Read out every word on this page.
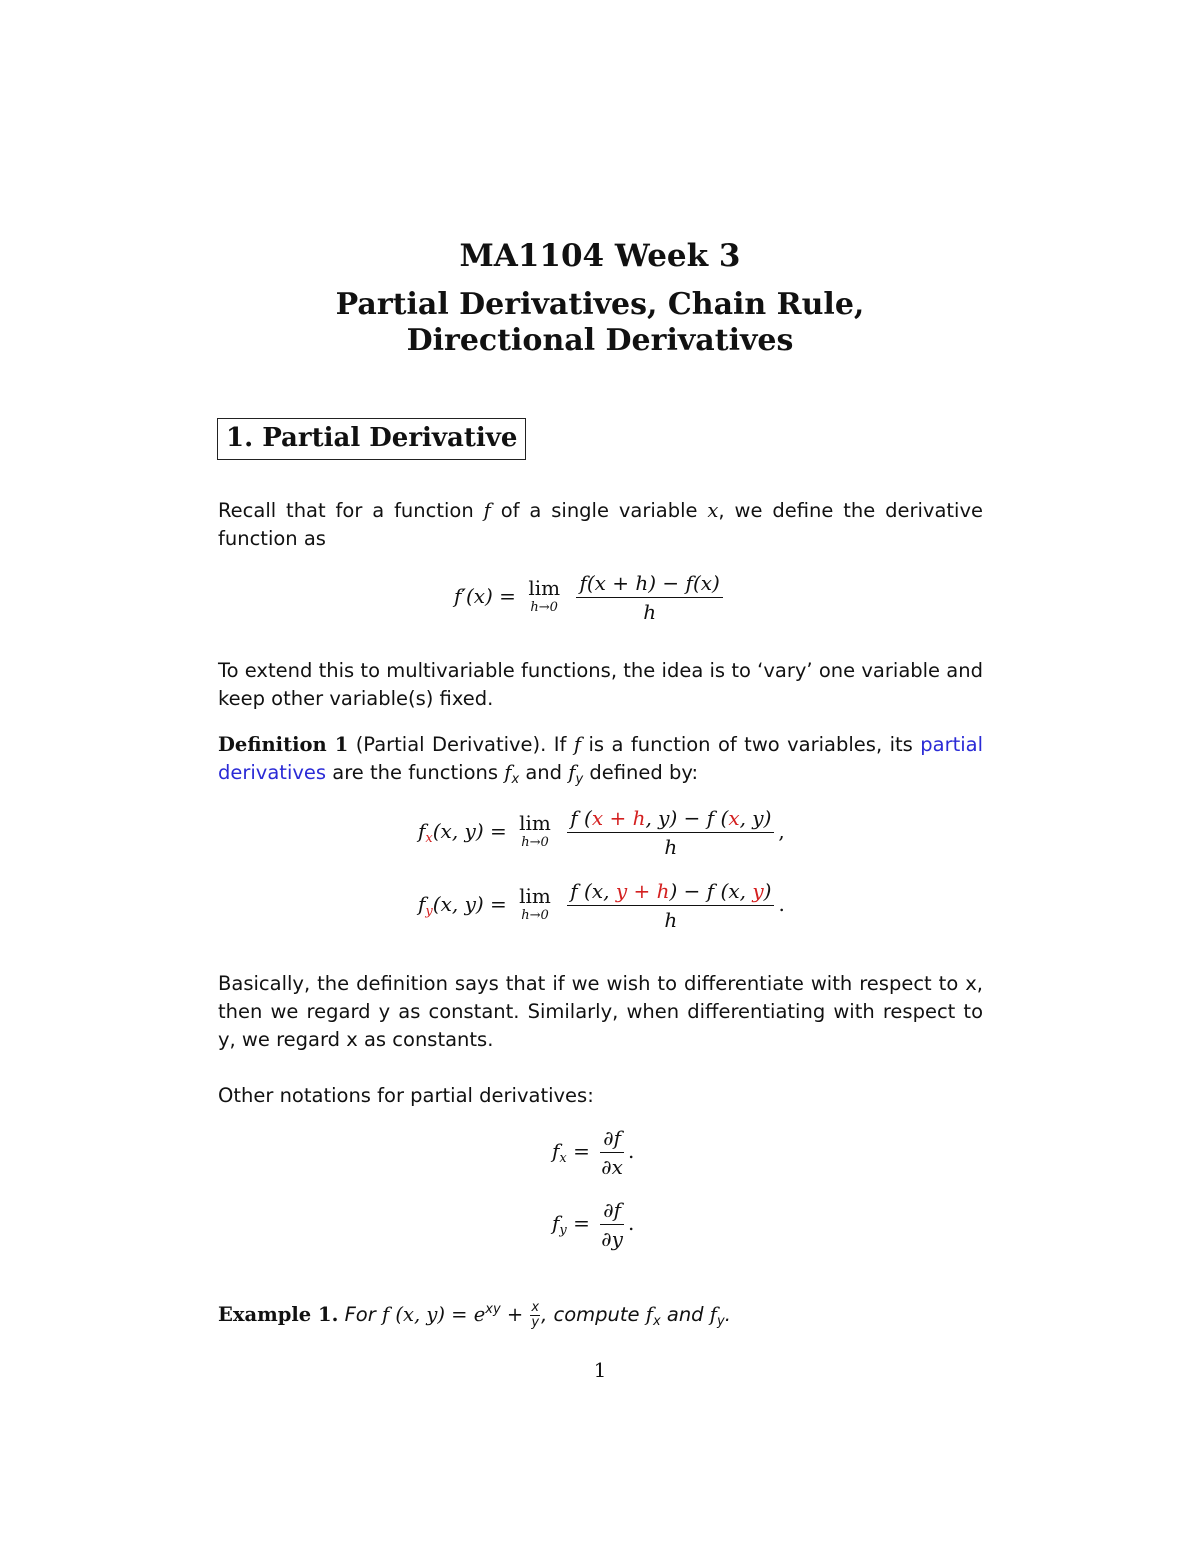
MA1104 Week 3
Partial Derivatives, Chain Rule,
Directional Derivatives
1. Partial Derivative
Recall that for a function f of a single variable x, we define the derivative function as
f′(x) = lim
h→0
$\frac{f(x + h) - f(x)}{h}$
To extend this to multivariable functions, the idea is to ‘vary’ one variable and keep other variable(s) fixed.
Definition 1 (Partial Derivative). If f is a function of two variables, its partial derivatives are the functions $f_x$ and $f_y$ defined by:
$f_x(x$, y) = lim
h→0
$\frac{f (x + h, y) - f (x, y)}{h}$ ,
$f_y(x$, y) = lim
h→0
$\frac{f (x, y + h) - f (x, y)}{h}$ .
Basically, the definition says that if we wish to differentiate with respect to x, then we regard y as constant. Similarly, when differentiating with respect to y, we regard x as constants.
Other notations for partial derivatives:
$f_x = \frac{\partial f}{\partial x}$ .
$f_y = \frac{\partial f}{\partial y}$ .
Example 1. For f (x, $y) = e^{xy} + \frac{x}{y}$ , compute $f_x$ and $f_y$.
1
